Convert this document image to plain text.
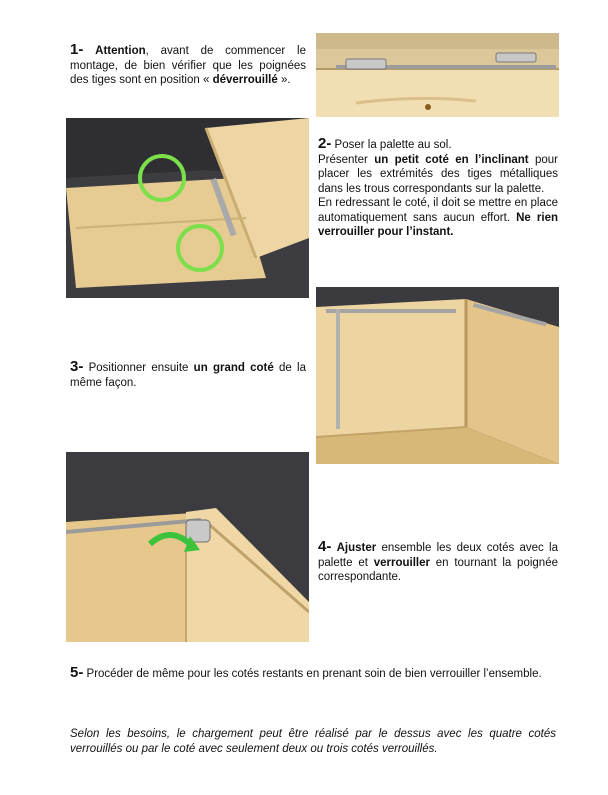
1- Attention, avant de commencer le montage, de bien vérifier que les poignées des tiges sont en position « déverrouillé ».
2- Poser la palette au sol.
Présenter un petit coté en l’inclinant pour placer les extrémités des tiges métalliques dans les trous correspondants sur la palette.
En redressant le coté, il doit se mettre en place automatiquement sans aucun effort. Ne rien verrouiller pour l’instant.
3- Positionner ensuite un grand coté de la même façon.
4- Ajuster ensemble les deux cotés avec la palette et verrouiller en tournant la poignée correspondante.
5- Procéder de même pour les cotés restants en prenant soin de bien verrouiller l’ensemble.
Selon les besoins, le chargement peut être réalisé par le dessus avec les quatre cotés verrouillés ou par le coté avec seulement deux ou trois cotés verrouillés.
